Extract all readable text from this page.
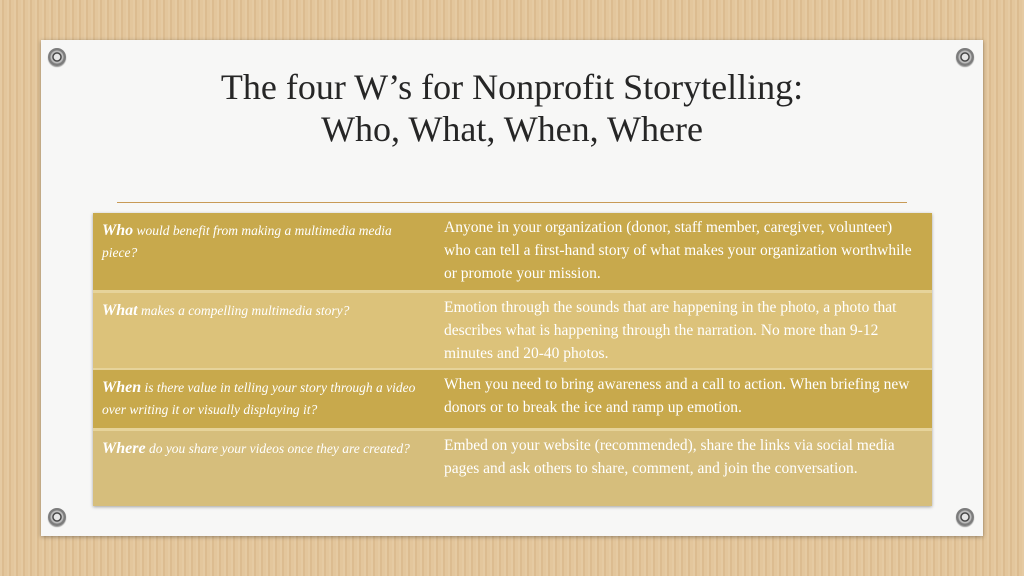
The four W’s for Nonprofit Storytelling:
Who, What, When, Where
Who would benefit from making a multimedia media piece?
Anyone in your organization (donor, staff member, caregiver, volunteer) who can tell a first-hand story of what makes your organization worthwhile or promote your mission.
What makes a compelling multimedia story?	Emotion through the sounds that are happening in the photo, a photo that describes what is happening through the narration. No more than 9-12 minutes and 20-40 photos.
When is there value in telling your story through a video over writing it or visually displaying it?
When you need to bring awareness and a call to action. When briefing new donors or to break the ice and ramp up emotion.
Where do you share your videos once they are created?	Embed on your website (recommended), share the links via social media pages and ask others to share, comment, and join the conversation.
